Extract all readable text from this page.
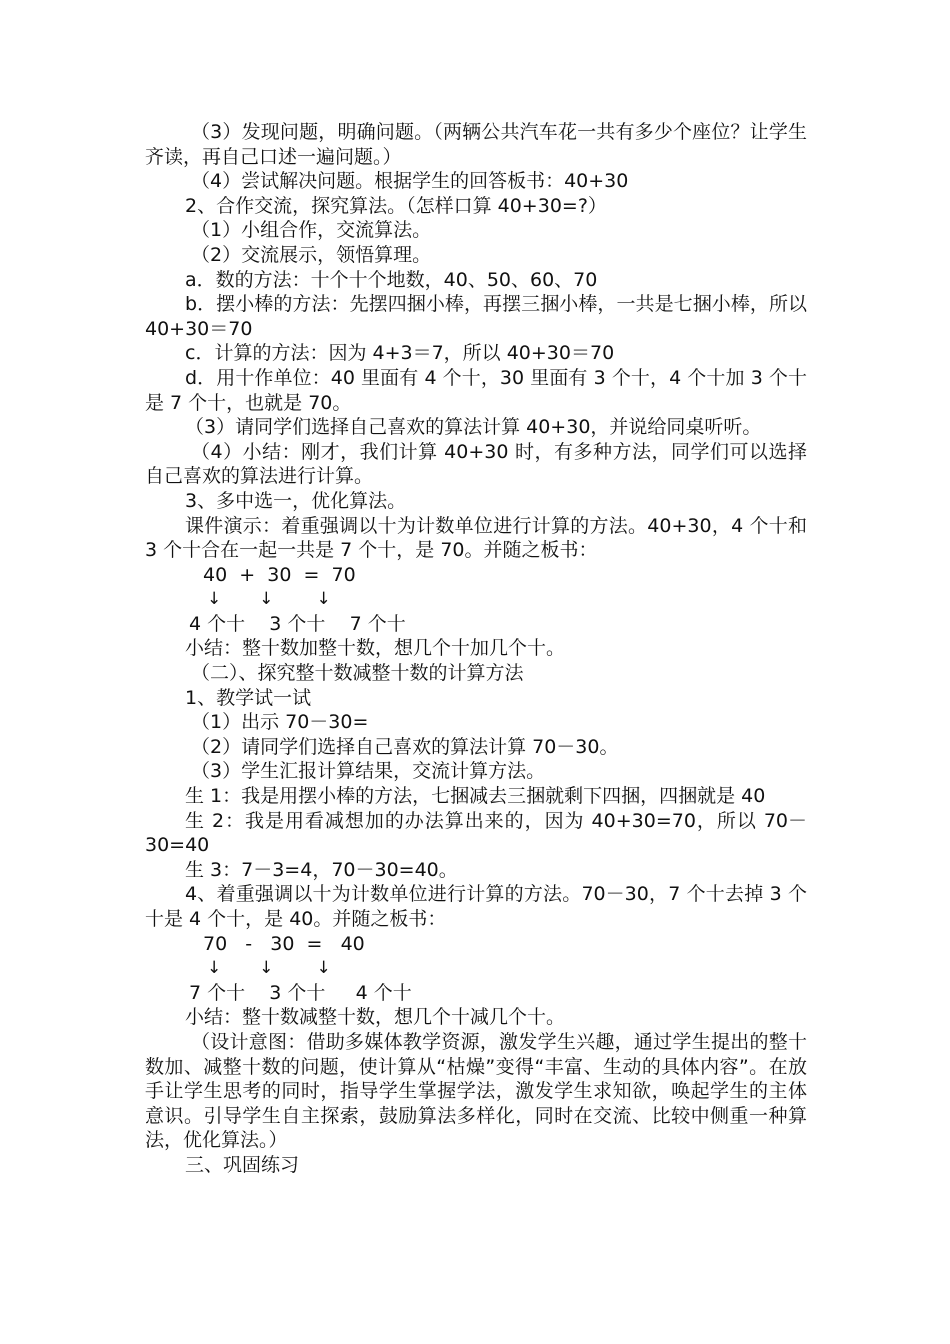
（3）发现问题，明确问题。（两辆公共汽车花一共有多少个座位？让学生齐读，再自己口述一遍问题。）

（4）尝试解决问题。根据学生的回答板书：40+30

2、合作交流，探究算法。（怎样口算 40+30=?）

（1）小组合作，交流算法。

（2）交流展示，领悟算理。

a．数的方法：十个十个地数，40、50、60、70

b．摆小棒的方法：先摆四捆小棒，再摆三捆小棒，一共是七捆小棒，所以 40+30＝70

c．计算的方法：因为 4+3＝7，所以 40+30＝70

d．用十作单位：40 里面有 4 个十，30 里面有 3 个十，4 个十加 3 个十是 7 个十，也就是 70。

（3）请同学们选择自己喜欢的算法计算 40+30，并说给同桌听听。

（4）小结：刚才，我们计算 40+30 时，有多种方法，同学们可以选择自己喜欢的算法进行计算。

3、多中选一，优化算法。

课件演示：着重强调以十为计数单位进行计算的方法。40+30，4 个十和 3 个十合在一起一共是 7 个十，是 70。并随之板书：

40  +  30  =  70

↓       ↓        ↓

4 个十    3 个十    7 个十

小结：整十数加整十数，想几个十加几个十。

（二）、探究整十数减整十数的计算方法

1、教学试一试

（1）出示 70－30=

（2）请同学们选择自己喜欢的算法计算 70－30。

（3）学生汇报计算结果，交流计算方法。

生 1：我是用摆小棒的方法，七捆减去三捆就剩下四捆，四捆就是 40

生 2：我是用看减想加的办法算出来的，因为 40+30=70，所以 70－30=40

生 3：7－3=4，70－30=40。

4、着重强调以十为计数单位进行计算的方法。70－30，7 个十去掉 3 个十是 4 个十，是 40。并随之板书：

70   -   30  =   40

↓       ↓        ↓

7 个十    3 个十     4 个十

小结：整十数减整十数，想几个十减几个十。

（设计意图：借助多媒体教学资源，激发学生兴趣，通过学生提出的整十数加、减整十数的问题，使计算从“枯燥”变得“丰富、生动的具体内容”。在放手让学生思考的同时，指导学生掌握学法，激发学生求知欲，唤起学生的主体意识。引导学生自主探索，鼓励算法多样化，同时在交流、比较中侧重一种算法，优化算法。）

三、巩固练习
